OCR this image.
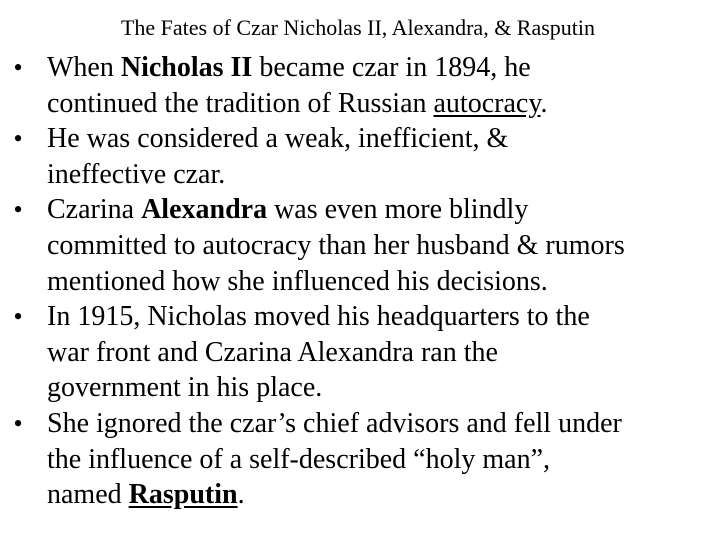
The Fates of Czar Nicholas II, Alexandra, & Rasputin
• When Nicholas II became czar in 1894, he
continued the tradition of Russian autocracy.
• He was considered a weak, inefficient, &
ineffective czar.
• Czarina Alexandra was even more blindly
committed to autocracy than her husband & rumors
mentioned how she influenced his decisions.
• In 1915, Nicholas moved his headquarters to the
war front and Czarina Alexandra ran the
government in his place.
• She ignored the czar’s chief advisors and fell under
the influence of a self-described “holy man”,
named Rasputin.
